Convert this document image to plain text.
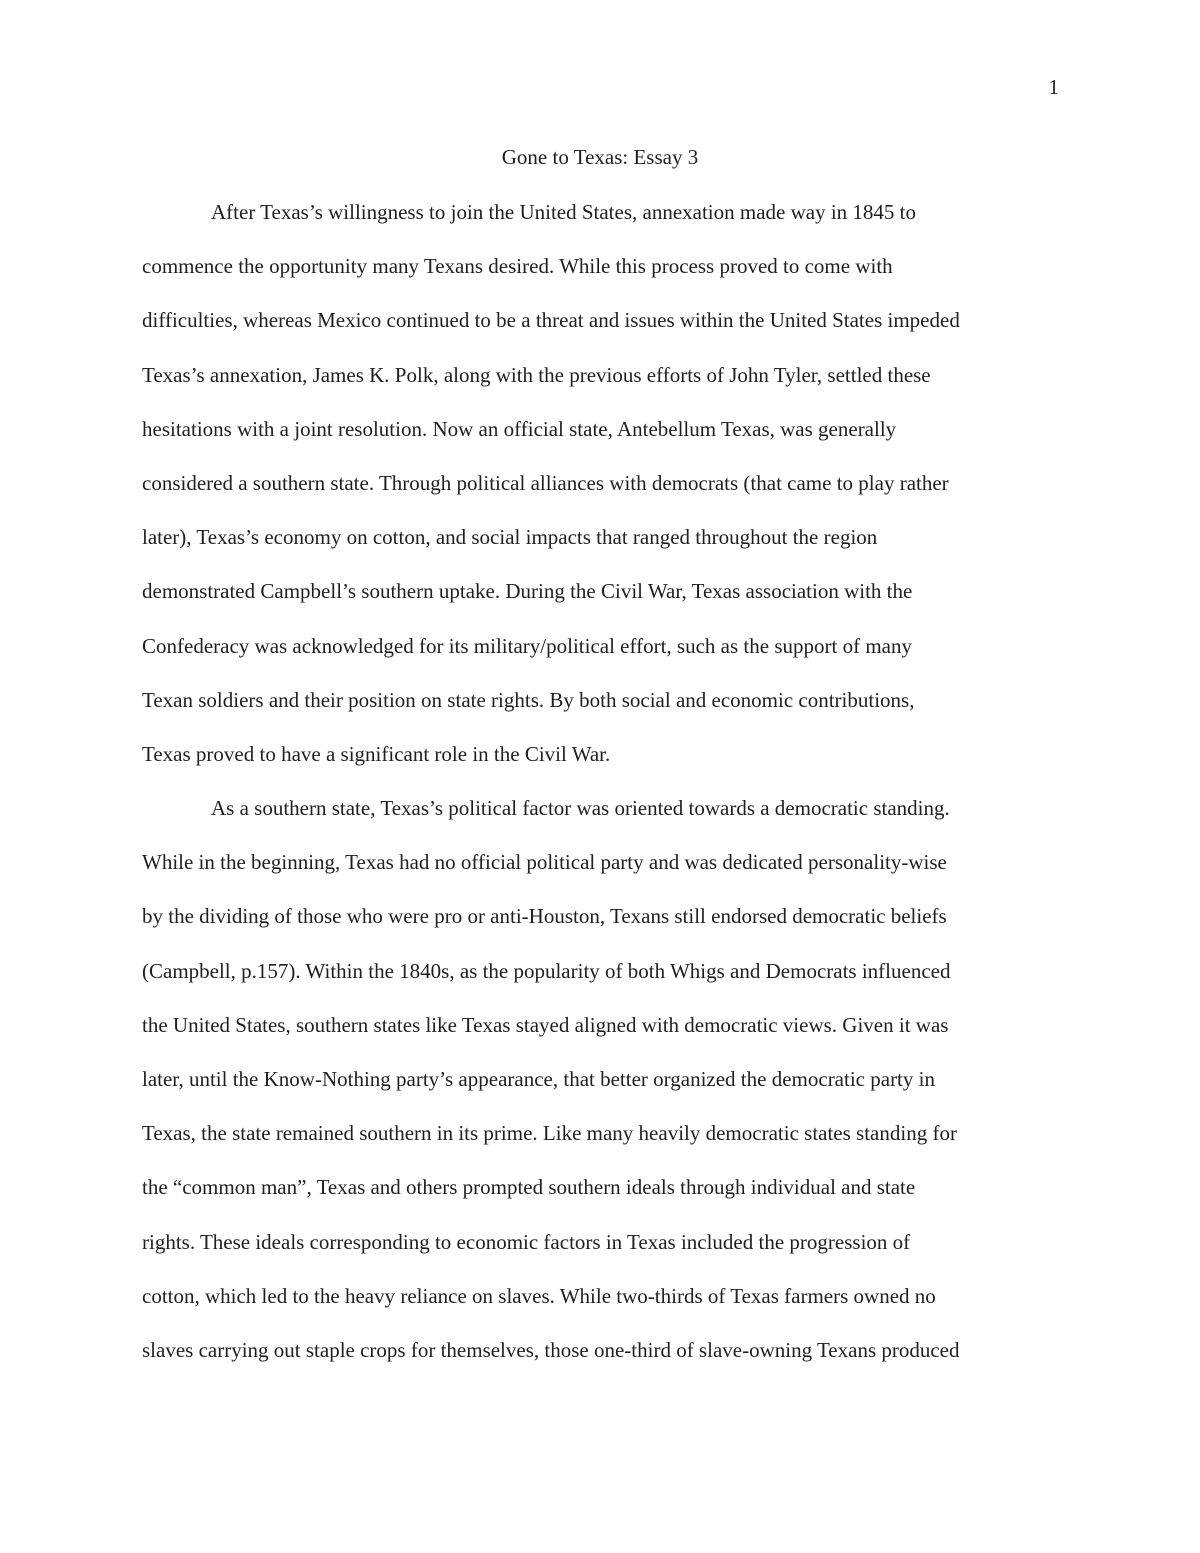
1
Gone to Texas: Essay 3
After Texas’s willingness to join the United States, annexation made way in 1845 to
commence the opportunity many Texans desired. While this process proved to come with
difficulties, whereas Mexico continued to be a threat and issues within the United States impeded
Texas’s annexation, James K. Polk, along with the previous efforts of John Tyler, settled these
hesitations with a joint resolution. Now an official state, Antebellum Texas, was generally
considered a southern state. Through political alliances with democrats (that came to play rather
later), Texas’s economy on cotton, and social impacts that ranged throughout the region
demonstrated Campbell’s southern uptake. During the Civil War, Texas association with the
Confederacy was acknowledged for its military/political effort, such as the support of many
Texan soldiers and their position on state rights. By both social and economic contributions,
Texas proved to have a significant role in the Civil War.
As a southern state, Texas’s political factor was oriented towards a democratic standing.
While in the beginning, Texas had no official political party and was dedicated personality-wise
by the dividing of those who were pro or anti-Houston, Texans still endorsed democratic beliefs
(Campbell, p.157). Within the 1840s, as the popularity of both Whigs and Democrats influenced
the United States, southern states like Texas stayed aligned with democratic views. Given it was
later, until the Know-Nothing party’s appearance, that better organized the democratic party in
Texas, the state remained southern in its prime. Like many heavily democratic states standing for
the “common man”, Texas and others prompted southern ideals through individual and state
rights. These ideals corresponding to economic factors in Texas included the progression of
cotton, which led to the heavy reliance on slaves. While two-thirds of Texas farmers owned no
slaves carrying out staple crops for themselves, those one-third of slave-owning Texans produced
